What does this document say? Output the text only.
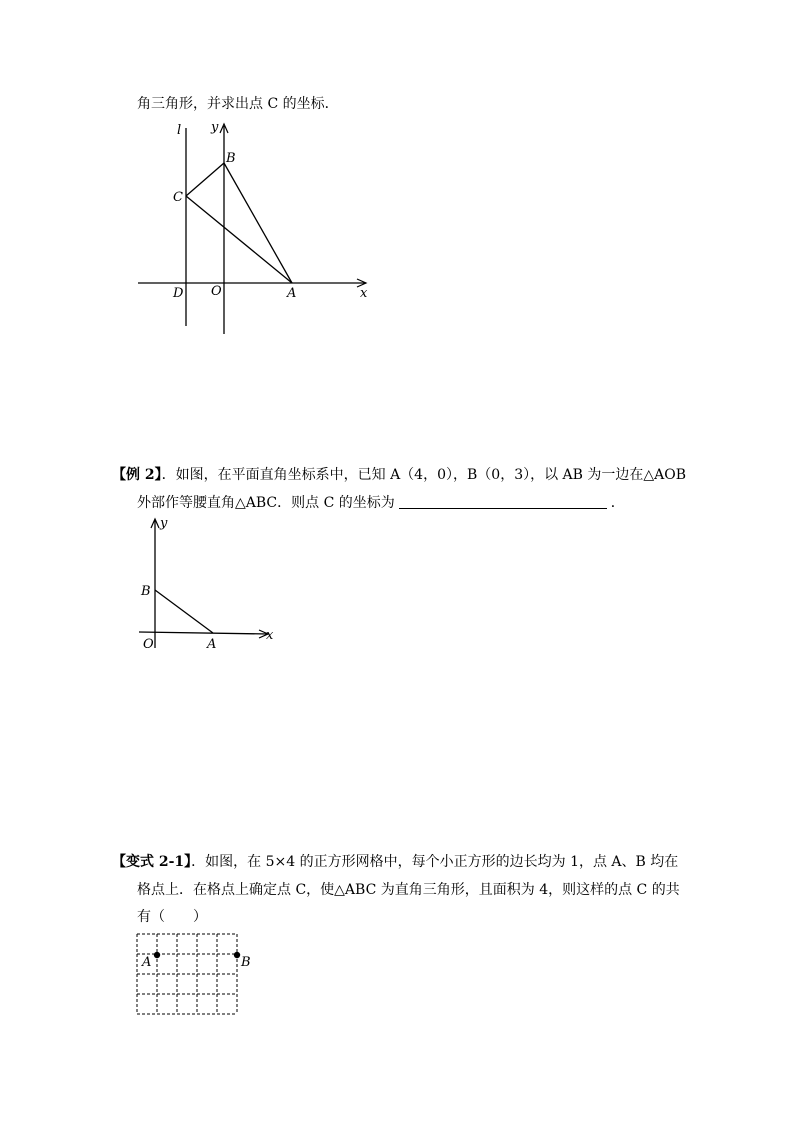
角三角形，并求出点 C 的坐标．
l y
B
C
D O	A	x
【例 2】．如图，在平面直角坐标系中，已知 A（4，0），B（0，3），以 AB 为一边在△AOB
外部作等腰直角△ABC．则点 C 的坐标为	．
y
B
O	A
x
【变式 2-1】．如图，在 5×4 的正方形网格中，每个小正方形的边长均为 1，点 A、B 均在
格点上．在格点上确定点 C，使△ABC 为直角三角形，且面积为 4，则这样的点 C 的共
有（　　）
A	B
